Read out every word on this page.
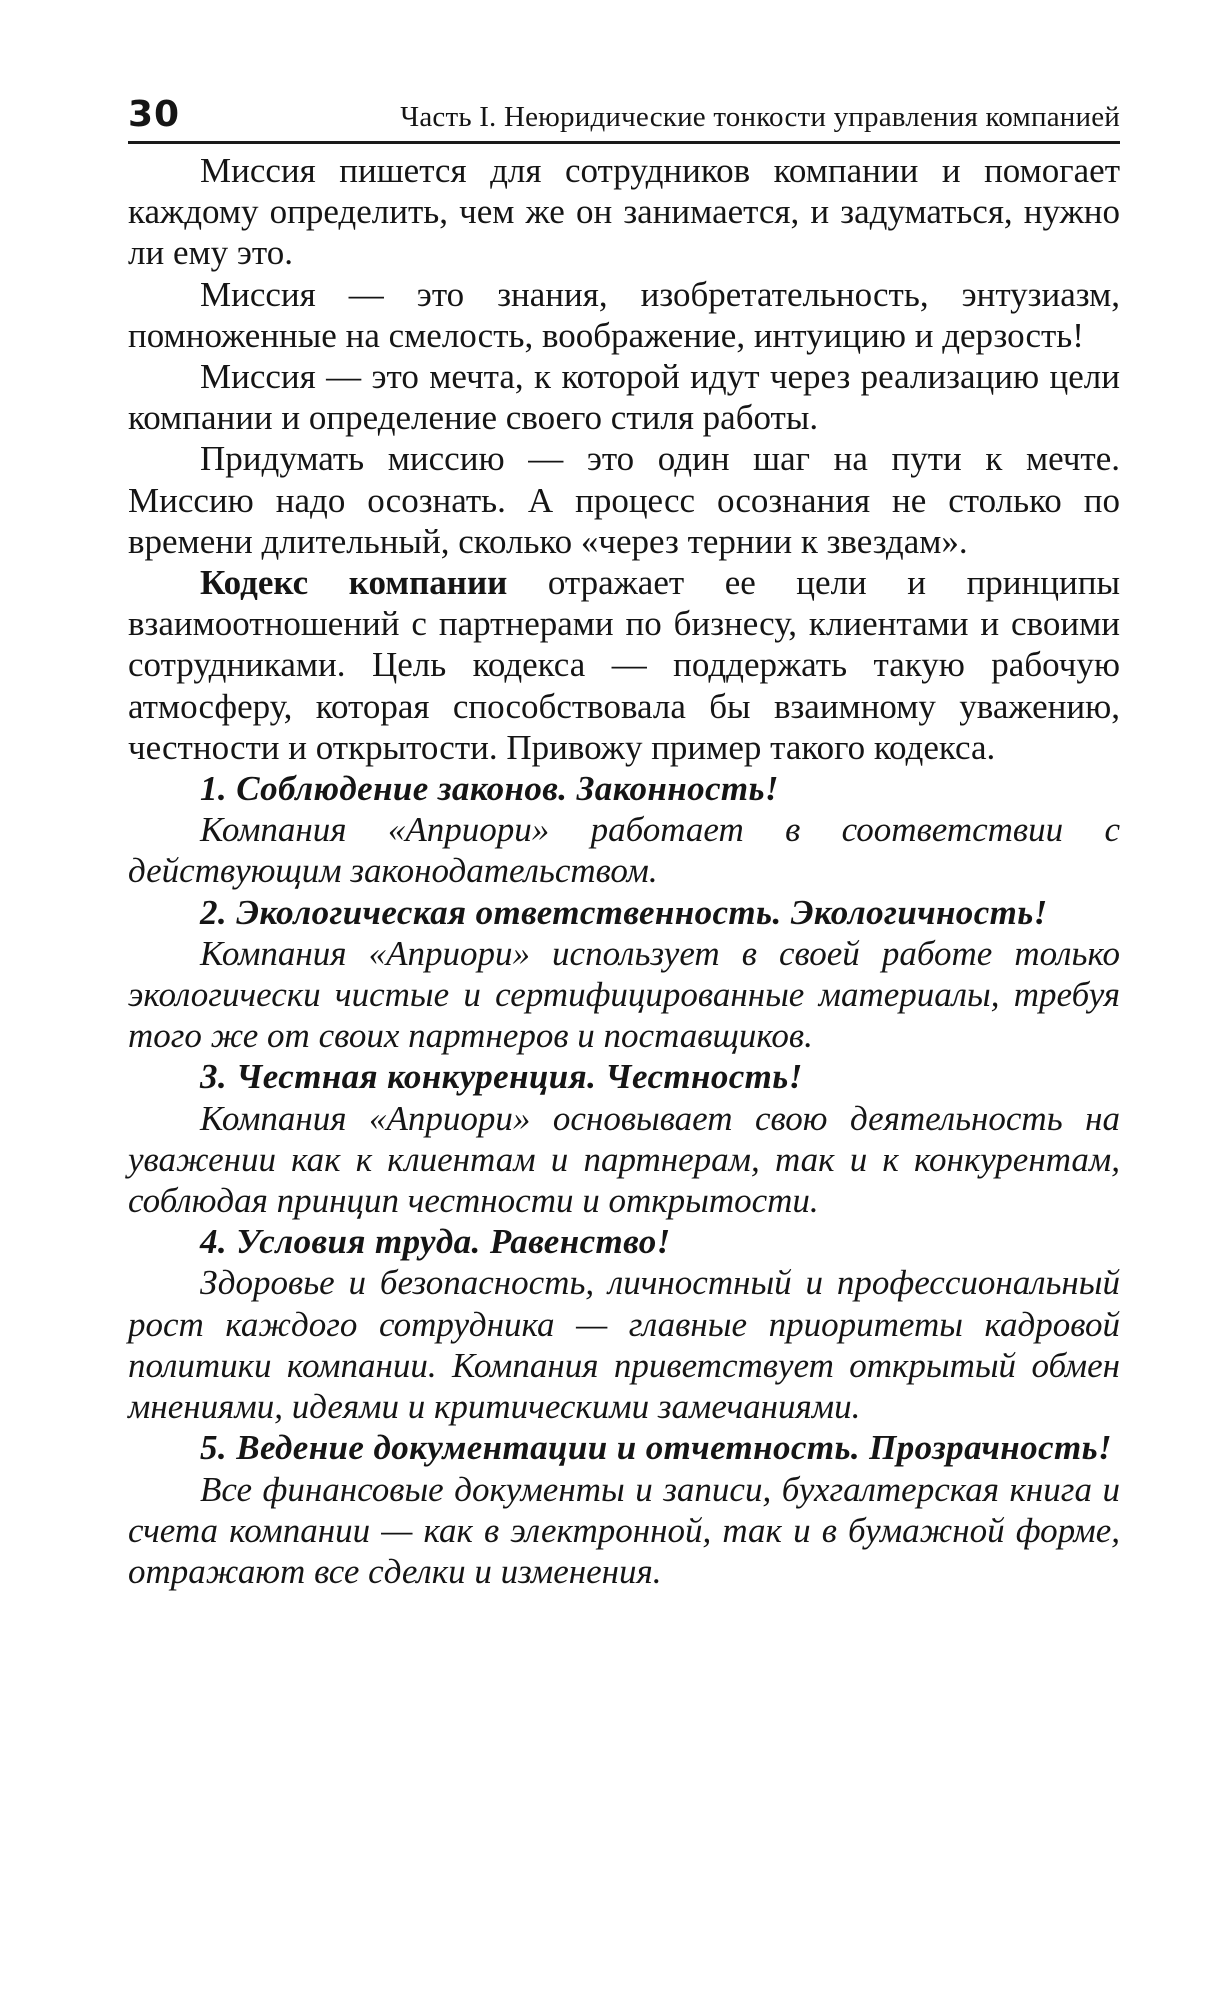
30	Часть I. Неюридические тонкости управления компанией

Миссия пишется для сотрудников компании и помогает каждому определить, чем же он занимается, и задуматься, нужно ли ему это.

Миссия — это знания, изобретательность, энтузиазм, помноженные на смелость, воображение, интуицию и дерзость!

Миссия — это мечта, к которой идут через реализацию цели компании и определение своего стиля работы.

Придумать миссию — это один шаг на пути к мечте. Миссию надо осознать. А процесс осознания не столько по времени длительный, сколько «через тернии к звездам».

Кодекс компании отражает ее цели и принципы взаимоотношений с партнерами по бизнесу, клиентами и своими сотрудниками. Цель кодекса — поддержать такую рабочую атмосферу, которая способствовала бы взаимному уважению, честности и открытости. Привожу пример такого кодекса.

1. Соблюдение законов. Законность!

Компания «Априори» работает в соответствии с действующим законодательством.

2. Экологическая ответственность. Экологичность!

Компания «Априори» использует в своей работе только экологически чистые и сертифицированные материалы, требуя того же от своих партнеров и поставщиков.

3. Честная конкуренция. Честность!

Компания «Априори» основывает свою деятельность на уважении как к клиентам и партнерам, так и к конкурентам, соблюдая принцип честности и открытости.

4. Условия труда. Равенство!

Здоровье и безопасность, личностный и профессиональный рост каждого сотрудника — главные приоритеты кадровой политики компании. Компания приветствует открытый обмен мнениями, идеями и критическими замечаниями.

5. Ведение документации и отчетность. Прозрачность!

Все финансовые документы и записи, бухгалтерская книга и счета компании — как в электронной, так и в бумажной форме, отражают все сделки и изменения.
